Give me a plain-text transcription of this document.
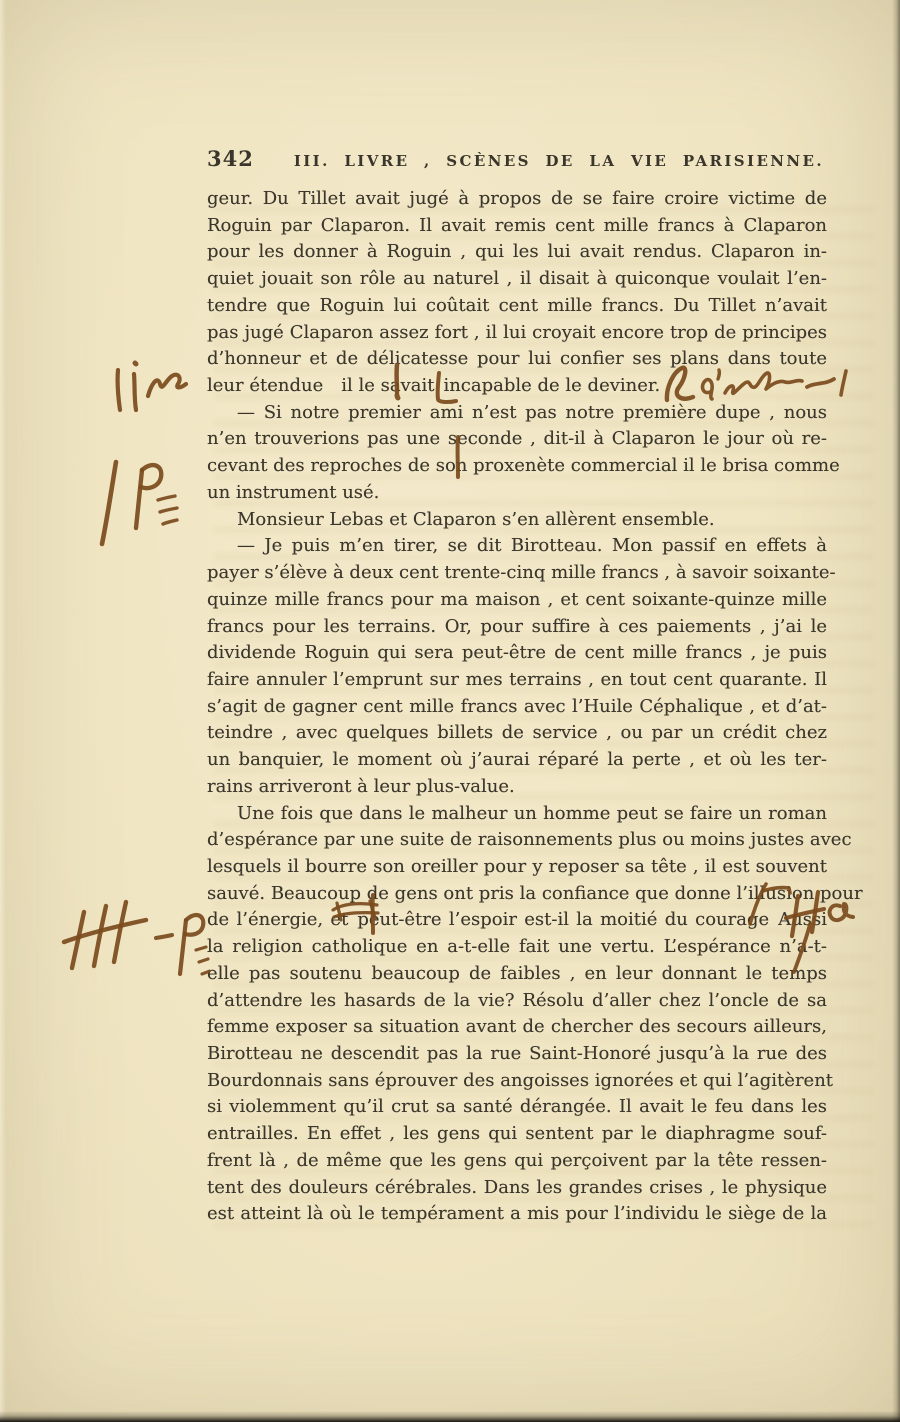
342	III. LIVRE , SCÈNES DE LA VIE PARISIENNE.
geur. Du Tillet avait jugé à propos de se faire croire victime de
Roguin par Claparon. Il avait remis cent mille francs à Claparon
pour les donner à Roguin , qui les lui avait rendus. Claparon in-
quiet jouait son rôle au naturel , il disait à quiconque voulait l’en-
tendre que Roguin lui coûtait cent mille francs. Du Tillet n’avait
pas jugé Claparon assez fort , il lui croyait encore trop de principes
d’honneur et de délicatesse pour lui confier ses plans dans toute
leur étendue  il le savait incapable de le deviner.
— Si notre premier ami n’est pas notre première dupe , nous
n’en trouverions pas une seconde , dit-il à Claparon le jour où re-
cevant des reproches de son proxenète commercial il le brisa comme
un instrument usé.
Monsieur Lebas et Claparon s’en allèrent ensemble.
— Je puis m’en tirer, se dit Birotteau. Mon passif en effets à
payer s’élève à deux cent trente-cinq mille francs , à savoir soixante-
quinze mille francs pour ma maison , et cent soixante-quinze mille
francs pour les terrains. Or, pour suffire à ces paiements , j’ai le
dividende Roguin qui sera peut-être de cent mille francs , je puis
faire annuler l’emprunt sur mes terrains , en tout cent quarante. Il
s’agit de gagner cent mille francs avec l’Huile Céphalique , et d’at-
teindre , avec quelques billets de service , ou par un crédit chez
un banquier, le moment où j’aurai réparé la perte , et où les ter-
rains arriveront à leur plus-value.
Une fois que dans le malheur un homme peut se faire un roman
d’espérance par une suite de raisonnements plus ou moins justes avec
lesquels il bourre son oreiller pour y reposer sa tête , il est souvent
sauvé. Beaucoup de gens ont pris la confiance que donne l’illusion pour
de l’énergie, et peut-être l’espoir est-il la moitié du courage Aussi
la religion catholique en a-t-elle fait une vertu. L’espérance n’a-t-
elle pas soutenu beaucoup de faibles , en leur donnant le temps
d’attendre les hasards de la vie? Résolu d’aller chez l’oncle de sa
femme exposer sa situation avant de chercher des secours ailleurs,
Birotteau ne descendit pas la rue Saint-Honoré jusqu’à la rue des
Bourdonnais sans éprouver des angoisses ignorées et qui l’agitèrent
si violemment qu’il crut sa santé dérangée. Il avait le feu dans les
entrailles. En effet , les gens qui sentent par le diaphragme souf-
frent là , de même que les gens qui perçoivent par la tête ressen-
tent des douleurs cérébrales. Dans les grandes crises , le physique
est atteint là où le tempérament a mis pour l’individu le siège de la
